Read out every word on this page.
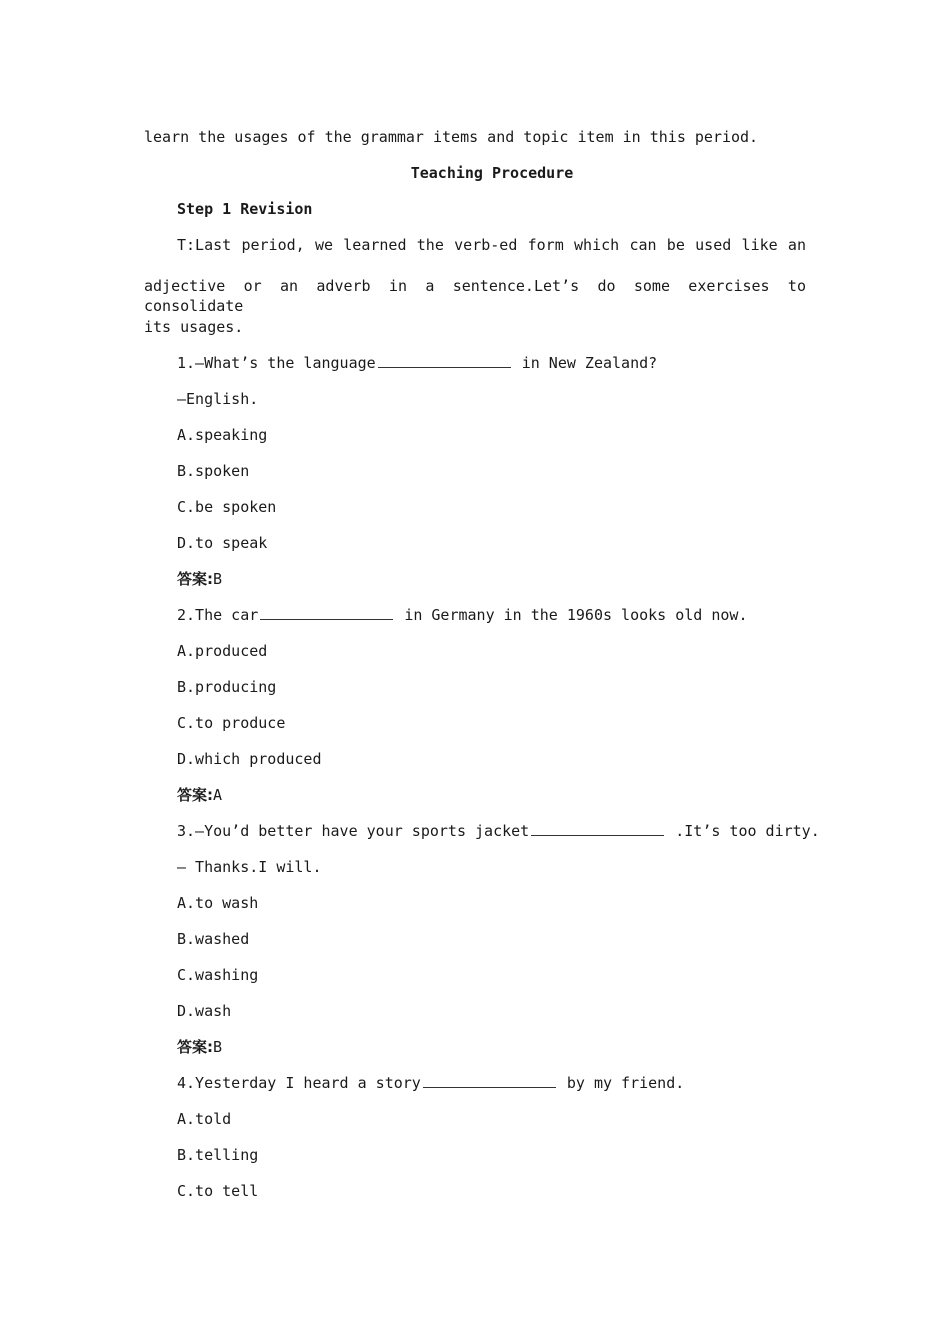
learn the usages of the grammar items and topic item in this period.
Teaching Procedure
Step 1 Revision
T:Last period, we learned the verb-ed form which can be used like an
adjective or an adverb in a sentence.Let’s do some exercises to consolidate
its usages.
1.—What’s the language	in New Zealand?
—English.
A.speaking
B.spoken
C.be spoken
D.to speak
答案:B
2.The car	in Germany in the 1960s looks old now.
A.produced
B.producing
C.to produce
D.which produced
答案:A
3.—You’d better have your sports jacket	.It’s too dirty.
— Thanks.I will.
A.to wash
B.washed
C.washing
D.wash
答案:B
4.Yesterday I heard a story	by my friend.
A.told
B.telling
C.to tell
